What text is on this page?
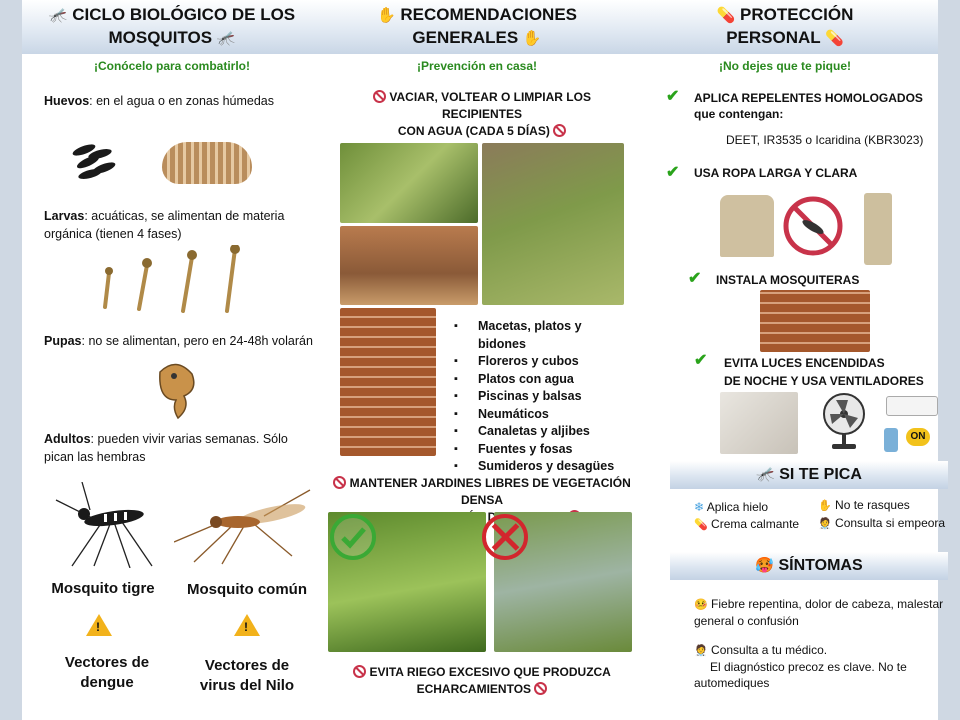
🦟 CICLO BIOLÓGICO DE LOS
MOSQUITOS 🦟
¡Conócelo para combatirlo!
Huevos: en el agua o en zonas húmedas
Larvas: acuáticas, se alimentan de materia orgánica (tienen 4 fases)
Pupas: no se alimentan, pero en 24-48h volarán
Adultos: pueden vivir varias semanas. Sólo pican las hembras
Mosquito tigre	Mosquito común
!	!
Vectores de
dengue
Vectores de
virus del Nilo
✋ RECOMENDACIONES
GENERALES ✋
¡Prevención en casa!
VACIAR, VOLTEAR O LIMPIAR LOS RECIPIENTES
CON AGUA (CADA 5 DÍAS)
▪ Macetas, platos y bidones
▪ Floreros y cubos
▪ Platos con agua
▪ Piscinas y balsas
▪ Neumáticos
▪ Canaletas y aljibes
▪ Fuentes y fosas
▪ Sumideros y desagües
MANTENER JARDINES LIBRES DE VEGETACIÓN DENSA

EVITA RIEGO EXCESIVO QUE PRODUZCA
ECHARCAMIENTOS
💊 PROTECCIÓN
PERSONAL 💊
¡No dejes que te pique!
✔ APLICA REPELENTES HOMOLOGADOS
que contengan:
DEET, IR3535 o Icaridina (KBR3023)
✔ USA ROPA LARGA Y CLARA
✔ INSTALA MOSQUITERAS
✔ EVITA LUCES ENCENDIDAS
DE NOCHE Y USA VENTILADORES
ON
🦟 SI TE PICA
❄ Aplica hielo
💊 Crema calmante
✋ No te rasques
🧑‍⚕️ Consulta si empeora
🥵 SÍNTOMAS
🤒 Fiebre repentina, dolor de cabeza, malestar general o confusión
🧑‍⚕️ Consulta a tu médico.
El diagnóstico precoz es clave. No te automediques
